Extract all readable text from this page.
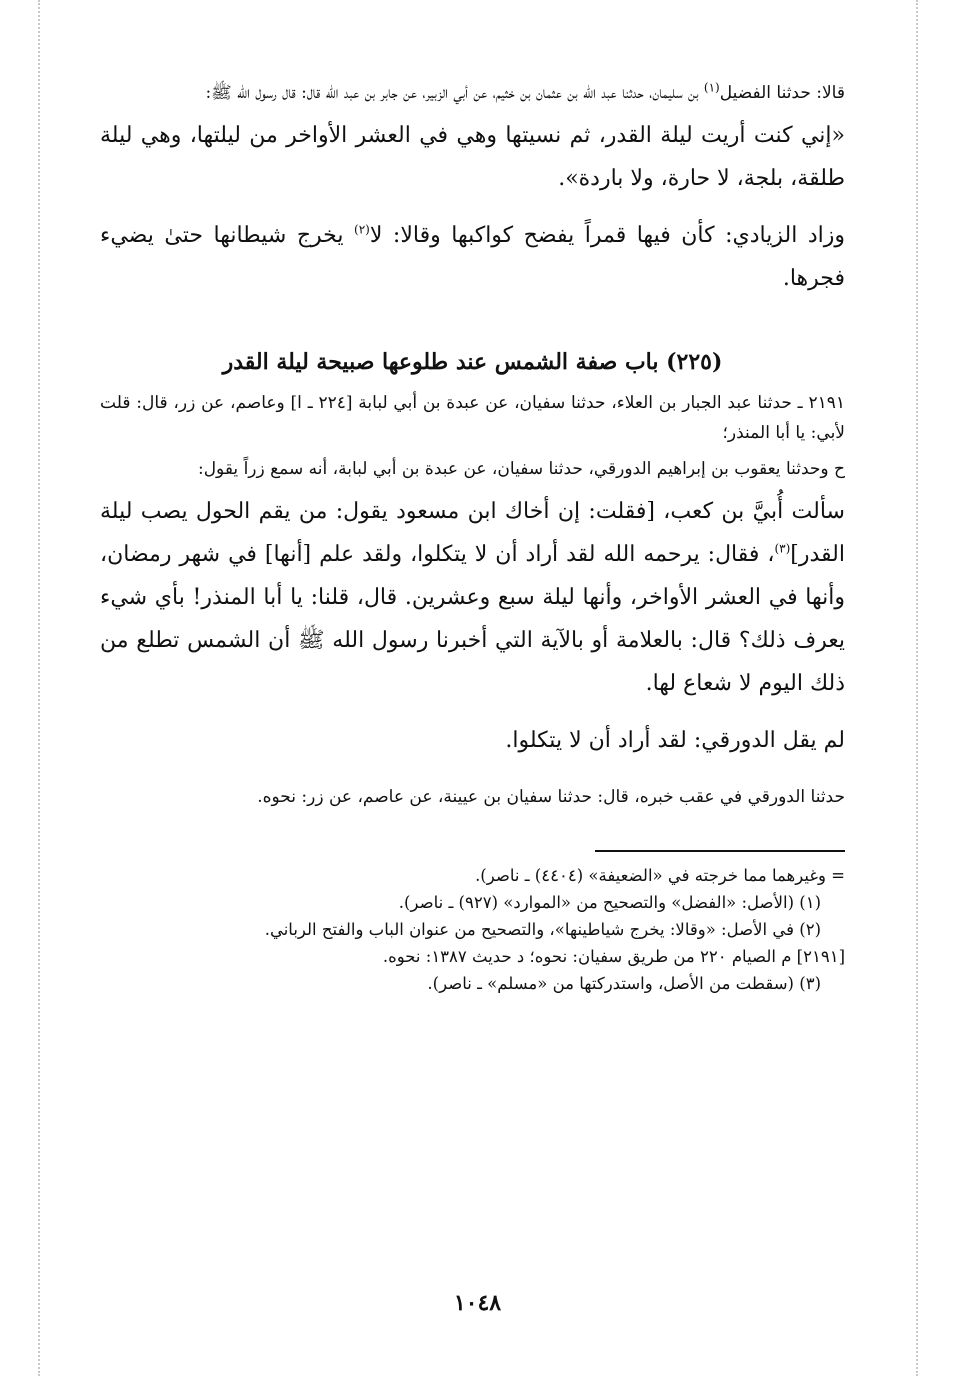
قالا: حدثنا الفضيل$^{(١)}$ بن سليمان، حدثنا عبد الله بن عثمان بن خثيم، عن أبي الزبير، عن جابر بن عبد الله قال: قال رسول الله ﷺ:

«إني كنت أريت ليلة القدر، ثم نسيتها وهي في العشر الأواخر من ليلتها، وهي ليلة طلقة، بلجة، لا حارة، ولا باردة».

وزاد الزيادي: كأن فيها قمراً يفضح كواكبها وقالا: لا$^{(٢)}$ يخرج شيطانها حتىٰ يضيء فجرها.

(٢٢٥) باب صفة الشمس عند طلوعها صبيحة ليلة القدر

٢١٩١ ـ حدثنا عبد الجبار بن العلاء، حدثنا سفيان، عن عبدة بن أبي لبابة [٢٢٤ ـ ا] وعاصم، عن زر، قال: قلت لأبي: يا أبا المنذر؛

ح وحدثنا يعقوب بن إبراهيم الدورقي، حدثنا سفيان، عن عبدة بن أبي لبابة، أنه سمع زراً يقول:

سألت أُبيَّ بن كعب، [فقلت: إن أخاك ابن مسعود يقول: من يقم الحول يصب ليلة القدر]$^{(٣)}$، فقال: يرحمه الله لقد أراد أن لا يتكلوا، ولقد علم [أنها] في شهر رمضان، وأنها في العشر الأواخر، وأنها ليلة سبع وعشرين. قال، قلنا: يا أبا المنذر! بأي شيء يعرف ذلك؟ قال: بالعلامة أو بالآية التي أخبرنا رسول الله ﷺ أن الشمس تطلع من ذلك اليوم لا شعاع لها.

لم يقل الدورقي: لقد أراد أن لا يتكلوا.

حدثنا الدورقي في عقب خبره، قال: حدثنا سفيان بن عيينة، عن عاصم، عن زر: نحوه.

= وغيرهما مما خرجته في «الضعيفة» (٤٤٠٤) ـ ناصر).

(١) (الأصل: «الفضل» والتصحيح من «الموارد» (٩٢٧) ـ ناصر).

(٢) في الأصل: «وقالا: يخرج شياطينها»، والتصحيح من عنوان الباب والفتح الرباني.

[٢١٩١] م الصيام ٢٢٠ من طريق سفيان: نحوه؛ د حديث ١٣٨٧: نحوه.

(٣) (سقطت من الأصل، واستدركتها من «مسلم» ـ ناصر).

١٠٤٨
